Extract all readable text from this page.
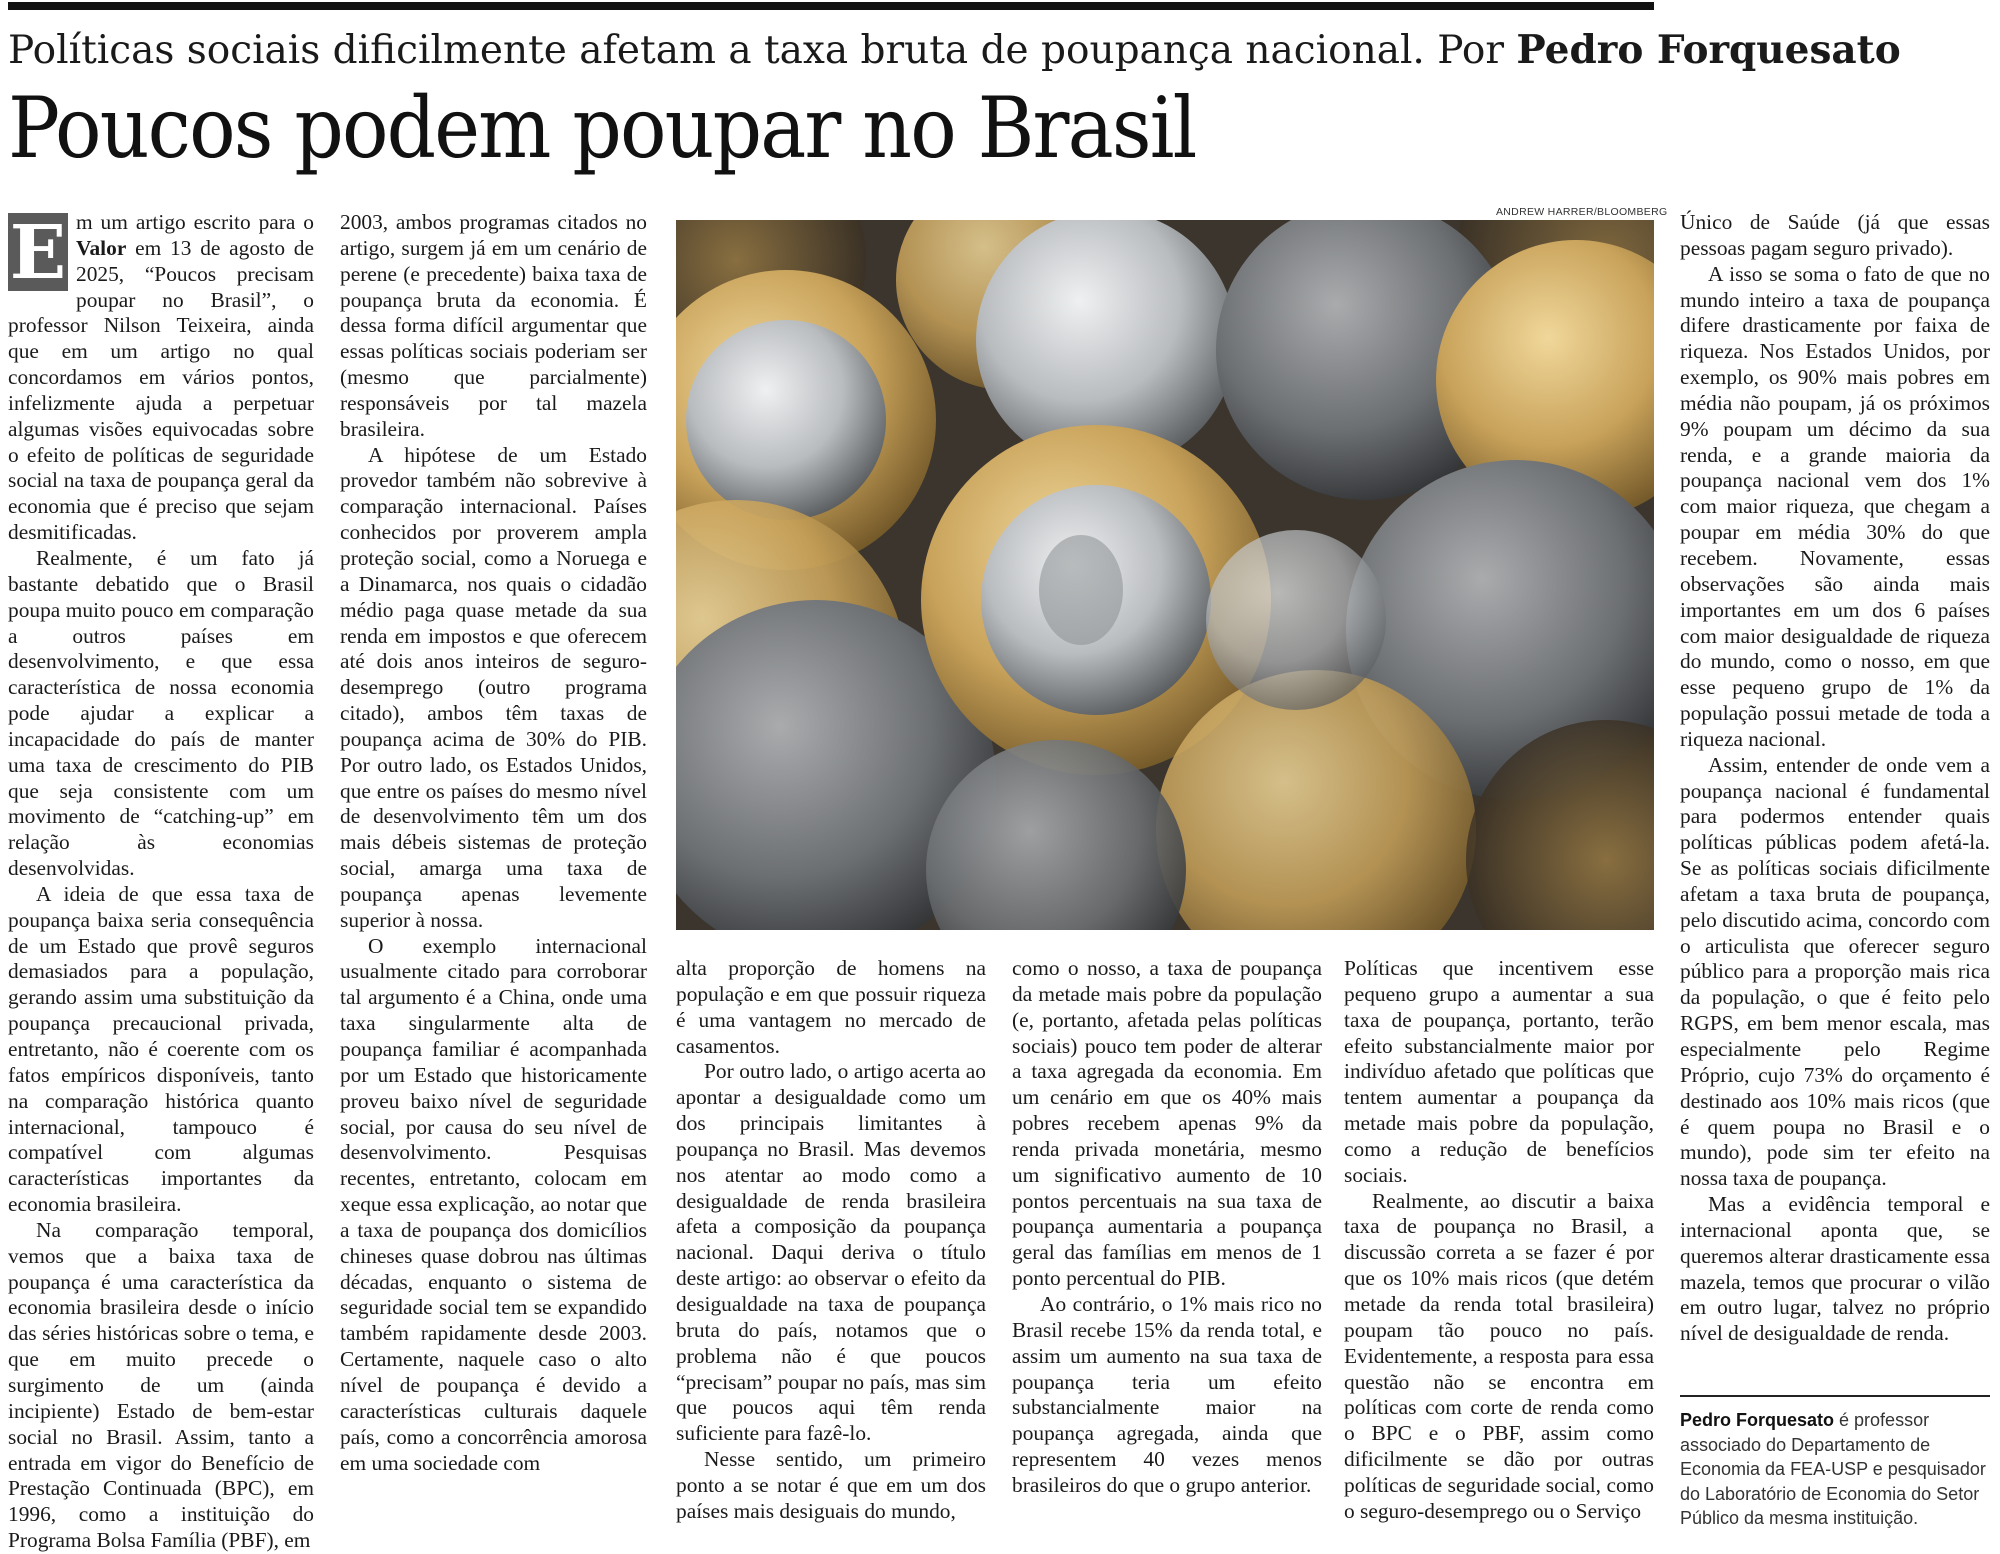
Políticas sociais dificilmente afetam a taxa bruta de poupança nacional. Por Pedro Forquesato
Poucos podem poupar no Brasil

E m um artigo escrito para o Valor em 13 de agosto de 2025, “Poucos precisam poupar no Brasil”, o professor Nilson Teixeira, ainda que em um artigo no qual concordamos em vários pontos, infelizmente ajuda a perpetuar algumas visões equivocadas sobre o efeito de políticas de seguridade social na taxa de poupança geral da economia que é preciso que sejam desmitificadas.

Realmente, é um fato já bastante debatido que o Brasil poupa muito pouco em comparação a outros países em desenvolvimento, e que essa característica de nossa economia pode ajudar a explicar a incapacidade do país de manter uma taxa de crescimento do PIB que seja consistente com um movimento de “catching-up” em relação às economias desenvolvidas.

A ideia de que essa taxa de poupança baixa seria consequência de um Estado que provê seguros demasiados para a população, gerando assim uma substituição da poupança precaucional privada, entretanto, não é coerente com os fatos empíricos disponíveis, tanto na comparação histórica quanto internacional, tampouco é compatível com algumas características importantes da economia brasileira.

Na comparação temporal, vemos que a baixa taxa de poupança é uma característica da economia brasileira desde o início das séries históricas sobre o tema, e que em muito precede o surgimento de um (ainda incipiente) Estado de bem-estar social no Brasil. Assim, tanto a entrada em vigor do Benefício de Prestação Continuada (BPC), em 1996, como a instituição do Programa Bolsa Família (PBF), em

2003, ambos programas citados no artigo, surgem já em um cenário de perene (e precedente) baixa taxa de poupança bruta da economia. É dessa forma difícil argumentar que essas políticas sociais poderiam ser (mesmo que parcialmente) responsáveis por tal mazela brasileira.

A hipótese de um Estado provedor também não sobrevive à comparação internacional. Países conhecidos por proverem ampla proteção social, como a Noruega e a Dinamarca, nos quais o cidadão médio paga quase metade da sua renda em impostos e que oferecem até dois anos inteiros de seguro-desemprego (outro programa citado), ambos têm taxas de poupança acima de 30% do PIB. Por outro lado, os Estados Unidos, que entre os países do mesmo nível de desenvolvimento têm um dos mais débeis sistemas de proteção social, amarga uma taxa de poupança apenas levemente superior à nossa.

O exemplo internacional usualmente citado para corroborar tal argumento é a China, onde uma taxa singularmente alta de poupança familiar é acompanhada por um Estado que historicamente proveu baixo nível de seguridade social, por causa do seu nível de desenvolvimento. Pesquisas recentes, entretanto, colocam em xeque essa explicação, ao notar que a taxa de poupança dos domicílios chineses quase dobrou nas últimas décadas, enquanto o sistema de seguridade social tem se expandido também rapidamente desde 2003. Certamente, naquele caso o alto nível de poupança é devido a características culturais daquele país, como a concorrência amorosa em uma sociedade com

ANDREW HARRER/BLOOMBERG

alta proporção de homens na população e em que possuir riqueza é uma vantagem no mercado de casamentos.

Por outro lado, o artigo acerta ao apontar a desigualdade como um dos principais limitantes à poupança no Brasil. Mas devemos nos atentar ao modo como a desigualdade de renda brasileira afeta a composição da poupança nacional. Daqui deriva o título deste artigo: ao observar o efeito da desigualdade na taxa de poupança bruta do país, notamos que o problema não é que poucos “precisam” poupar no país, mas sim que poucos aqui têm renda suficiente para fazê-lo.

Nesse sentido, um primeiro ponto a se notar é que em um dos países mais desiguais do mundo,

como o nosso, a taxa de poupança da metade mais pobre da população (e, portanto, afetada pelas políticas sociais) pouco tem poder de alterar a taxa agregada da economia. Em um cenário em que os 40% mais pobres recebem apenas 9% da renda privada monetária, mesmo um significativo aumento de 10 pontos percentuais na sua taxa de poupança aumentaria a poupança geral das famílias em menos de 1 ponto percentual do PIB.

Ao contrário, o 1% mais rico no Brasil recebe 15% da renda total, e assim um aumento na sua taxa de poupança teria um efeito substancialmente maior na poupança agregada, ainda que representem 40 vezes menos brasileiros do que o grupo anterior.

Políticas que incentivem esse pequeno grupo a aumentar a sua taxa de poupança, portanto, terão efeito substancialmente maior por indivíduo afetado que políticas que tentem aumentar a poupança da metade mais pobre da população, como a redução de benefícios sociais.

Realmente, ao discutir a baixa taxa de poupança no Brasil, a discussão correta a se fazer é por que os 10% mais ricos (que detém metade da renda total brasileira) poupam tão pouco no país. Evidentemente, a resposta para essa questão não se encontra em políticas com corte de renda como o BPC e o PBF, assim como dificilmente se dão por outras políticas de seguridade social, como o seguro-desemprego ou o Serviço

Único de Saúde (já que essas pessoas pagam seguro privado).

A isso se soma o fato de que no mundo inteiro a taxa de poupança difere drasticamente por faixa de riqueza. Nos Estados Unidos, por exemplo, os 90% mais pobres em média não poupam, já os próximos 9% poupam um décimo da sua renda, e a grande maioria da poupança nacional vem dos 1% com maior riqueza, que chegam a poupar em média 30% do que recebem. Novamente, essas observações são ainda mais importantes em um dos 6 países com maior desigualdade de riqueza do mundo, como o nosso, em que esse pequeno grupo de 1% da população possui metade de toda a riqueza nacional.

Assim, entender de onde vem a poupança nacional é fundamental para podermos entender quais políticas públicas podem afetá-la. Se as políticas sociais dificilmente afetam a taxa bruta de poupança, pelo discutido acima, concordo com o articulista que oferecer seguro público para a proporção mais rica da população, o que é feito pelo RGPS, em bem menor escala, mas especialmente pelo Regime Próprio, cujo 73% do orçamento é destinado aos 10% mais ricos (que é quem poupa no Brasil e o mundo), pode sim ter efeito na nossa taxa de poupança.

Mas a evidência temporal e internacional aponta que, se queremos alterar drasticamente essa mazela, temos que procurar o vilão em outro lugar, talvez no próprio nível de desigualdade de renda.

Pedro Forquesato é professor associado do Departamento de Economia da FEA-USP e pesquisador do Laboratório de Economia do Setor Público da mesma instituição.
